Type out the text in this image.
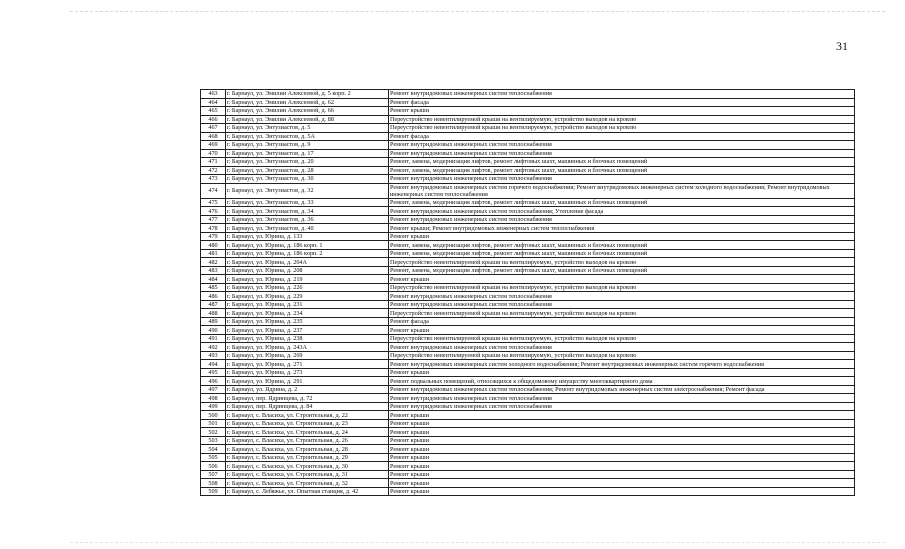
31
463	г. Барнаул, ул. Эмилии Алексеевой, д. 5 корп. 2	Ремонт внутридомовых инженерных систем теплоснабжения
464	г. Барнаул, ул. Эмилии Алексеевой, д. 62	Ремонт фасада
465	г. Барнаул, ул. Эмилии Алексеевой, д. 66	Ремонт крыши
466	г. Барнаул, ул. Эмилии Алексеевой, д. 88	Переустройство невентилируемой крыши на вентилируемую, устройство выходов на кровлю
467	г. Барнаул, ул. Энтузиастов, д. 5	Переустройство невентилируемой крыши на вентилируемую, устройство выходов на кровлю
468	г. Барнаул, ул. Энтузиастов, д. 5А	Ремонт фасада
469	г. Барнаул, ул. Энтузиастов, д. 9	Ремонт внутридомовых инженерных систем теплоснабжения
470	г. Барнаул, ул. Энтузиастов, д. 17	Ремонт внутридомовых инженерных систем теплоснабжения
471	г. Барнаул, ул. Энтузиастов, д. 20	Ремонт, замена, модернизация лифтов, ремонт лифтовых шахт, машинных и блочных помещений
472	г. Барнаул, ул. Энтузиастов, д. 28	Ремонт, замена, модернизация лифтов, ремонт лифтовых шахт, машинных и блочных помещений
473	г. Барнаул, ул. Энтузиастов, д. 30	Ремонт внутридомовых инженерных систем теплоснабжения
474	г. Барнаул, ул. Энтузиастов, д. 32	Ремонт внутридомовых инженерных систем горячего водоснабжения; Ремонт внутридомовых инженерных систем холодного водоснабжения; Ремонт внутридомовых инженерных систем теплоснабжения
475	г. Барнаул, ул. Энтузиастов, д. 33	Ремонт, замена, модернизация лифтов, ремонт лифтовых шахт, машинных и блочных помещений
476	г. Барнаул, ул. Энтузиастов, д. 34	Ремонт внутридомовых инженерных систем теплоснабжения; Утепление фасада
477	г. Барнаул, ул. Энтузиастов, д. 36	Ремонт внутридомовых инженерных систем теплоснабжения
478	г. Барнаул, ул. Энтузиастов, д. 40	Ремонт крыши; Ремонт внутридомовых инженерных систем теплоснабжения
479	г. Барнаул, ул. Юрина, д. 133	Ремонт крыши
480	г. Барнаул, ул. Юрина, д. 186 корп. 1	Ремонт, замена, модернизация лифтов, ремонт лифтовых шахт, машинных и блочных помещений
481	г. Барнаул, ул. Юрина, д. 186 корп. 2	Ремонт, замена, модернизация лифтов, ремонт лифтовых шахт, машинных и блочных помещений
482	г. Барнаул, ул. Юрина, д. 204А	Переустройство невентилируемой крыши на вентилируемую, устройство выходов на кровлю
483	г. Барнаул, ул. Юрина, д. 208	Ремонт, замена, модернизация лифтов, ремонт лифтовых шахт, машинных и блочных помещений
484	г. Барнаул, ул. Юрина, д. 219	Ремонт крыши
485	г. Барнаул, ул. Юрина, д. 226	Переустройство невентилируемой крыши на вентилируемую, устройство выходов на кровлю
486	г. Барнаул, ул. Юрина, д. 229	Ремонт внутридомовых инженерных систем теплоснабжения
487	г. Барнаул, ул. Юрина, д. 231	Ремонт внутридомовых инженерных систем теплоснабжения
488	г. Барнаул, ул. Юрина, д. 234	Переустройство невентилируемой крыши на вентилируемую, устройство выходов на кровлю
489	г. Барнаул, ул. Юрина, д. 235	Ремонт фасада
490	г. Барнаул, ул. Юрина, д. 237	Ремонт крыши
491	г. Барнаул, ул. Юрина, д. 238	Переустройство невентилируемой крыши на вентилируемую, устройство выходов на кровлю
492	г. Барнаул, ул. Юрина, д. 243А	Ремонт внутридомовых инженерных систем теплоснабжения
493	г. Барнаул, ул. Юрина, д. 269	Переустройство невентилируемой крыши на вентилируемую, устройство выходов на кровлю
494	г. Барнаул, ул. Юрина, д. 271	Ремонт внутридомовых инженерных систем холодного водоснабжения; Ремонт внутридомовых инженерных систем горячего водоснабжения
495	г. Барнаул, ул. Юрина, д. 273	Ремонт крыши
496	г. Барнаул, ул. Юрина, д. 291	Ремонт подвальных помещений, относящихся к общедомовому имуществу многоквартирного дома
497	г. Барнаул, ул. Ядрина, д. 2	Ремонт внутридомовых инженерных систем теплоснабжения; Ремонт внутридомовых инженерных систем электроснабжения; Ремонт фасада
498	г. Барнаул, пер. Ядринцева, д. 72	Ремонт внутридомовых инженерных систем теплоснабжения
499	г. Барнаул, пер. Ядринцева, д. 84	Ремонт внутридомовых инженерных систем теплоснабжения
500	г. Барнаул, с. Власиха, ул. Строительная, д. 22	Ремонт крыши
501	г. Барнаул, с. Власиха, ул. Строительная, д. 23	Ремонт крыши
502	г. Барнаул, с. Власиха, ул. Строительная, д. 24	Ремонт крыши
503	г. Барнаул, с. Власиха, ул. Строительная, д. 26	Ремонт крыши
504	г. Барнаул, с. Власиха, ул. Строительная, д. 28	Ремонт крыши
505	г. Барнаул, с. Власиха, ул. Строительная, д. 29	Ремонт крыши
506	г. Барнаул, с. Власиха, ул. Строительная, д. 30	Ремонт крыши
507	г. Барнаул, с. Власиха, ул. Строительная, д. 31	Ремонт крыши
508	г. Барнаул, с. Власиха, ул. Строительная, д. 32	Ремонт крыши
509	г. Барнаул, с. Лебяжье, ул. Опытная станция, д. 42	Ремонт крыши
